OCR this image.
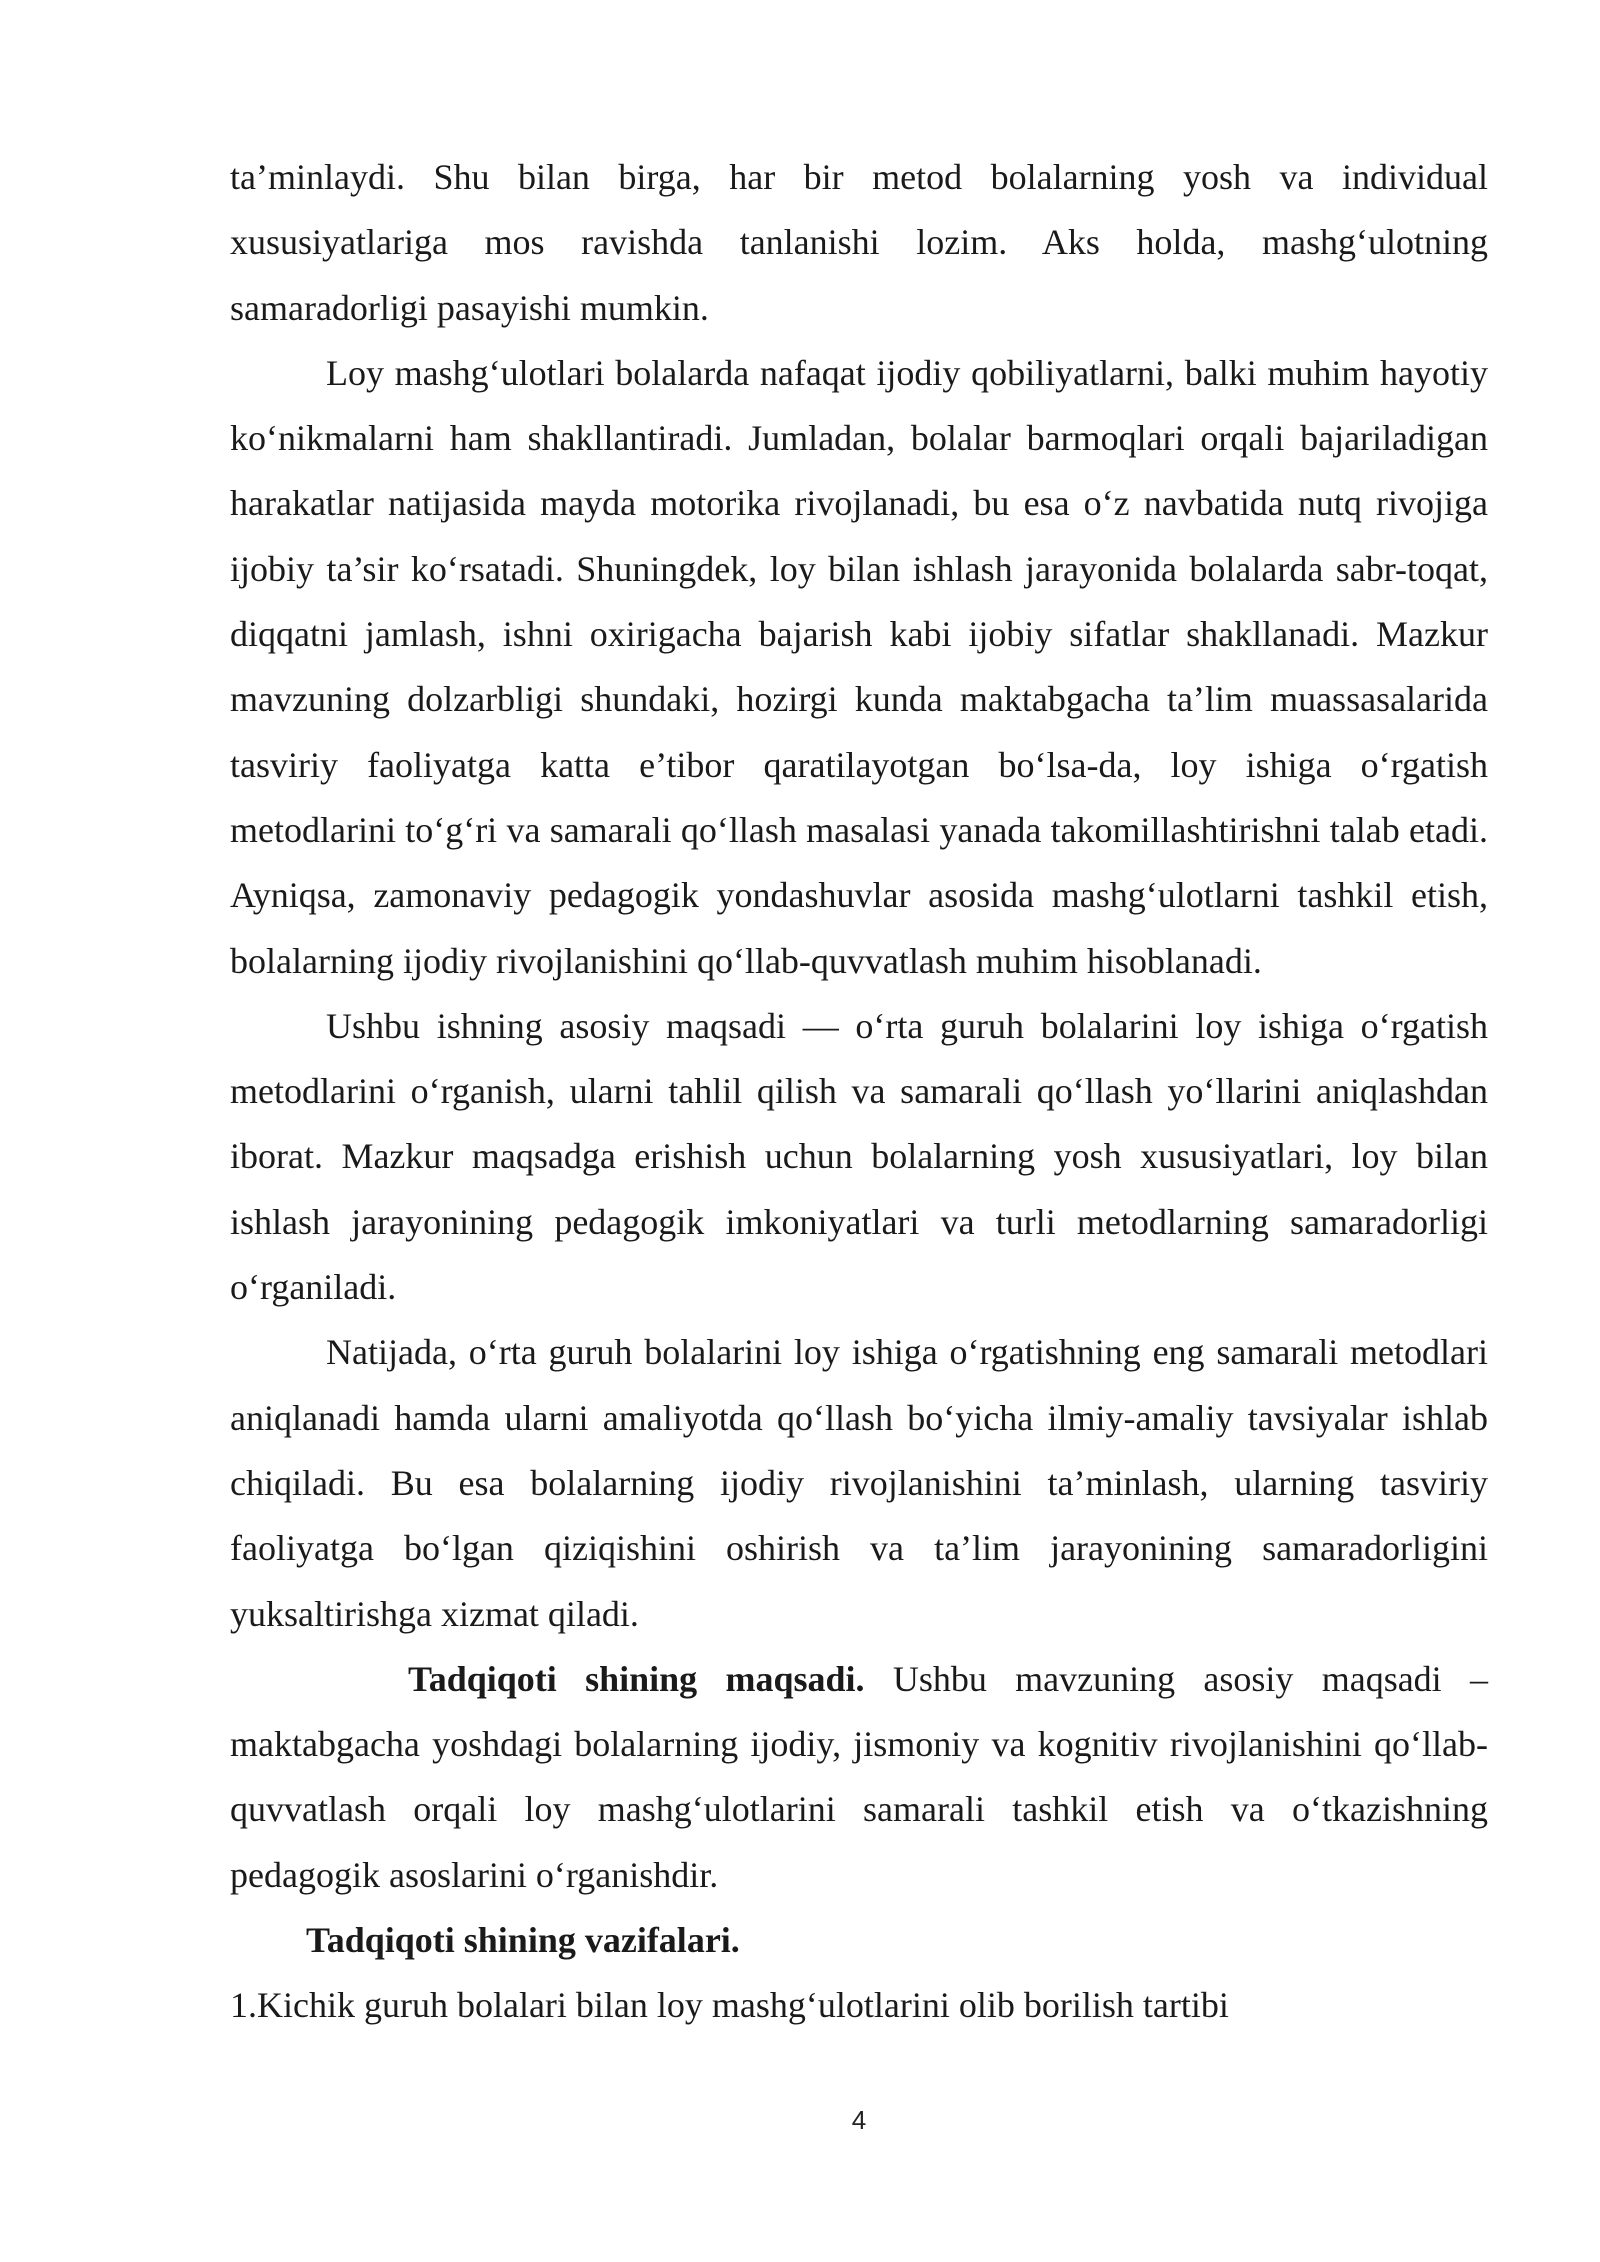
ta’minlaydi. Shu bilan birga, har bir metod bolalarning yosh va individual xususiyatlariga mos ravishda tanlanishi lozim. Aks holda, mashg‘ulotning samaradorligi pasayishi mumkin.

Loy mashg‘ulotlari bolalarda nafaqat ijodiy qobiliyatlarni, balki muhim hayotiy ko‘nikmalarni ham shakllantiradi. Jumladan, bolalar barmoqlari orqali bajariladigan harakatlar natijasida mayda motorika rivojlanadi, bu esa o‘z navbatida nutq rivojiga ijobiy ta’sir ko‘rsatadi. Shuningdek, loy bilan ishlash jarayonida bolalarda sabr-toqat, diqqatni jamlash, ishni oxirigacha bajarish kabi ijobiy sifatlar shakllanadi. Mazkur mavzuning dolzarbligi shundaki, hozirgi kunda maktabgacha ta’lim muassasalarida tasviriy faoliyatga katta e’tibor qaratilayotgan bo‘lsa-da, loy ishiga o‘rgatish metodlarini to‘g‘ri va samarali qo‘llash masalasi yanada takomillashtirishni talab etadi. Ayniqsa, zamonaviy pedagogik yondashuvlar asosida mashg‘ulotlarni tashkil etish, bolalarning ijodiy rivojlanishini qo‘llab-quvvatlash muhim hisoblanadi.

Ushbu ishning asosiy maqsadi — o‘rta guruh bolalarini loy ishiga o‘rgatish metodlarini o‘rganish, ularni tahlil qilish va samarali qo‘llash yo‘llarini aniqlashdan iborat. Mazkur maqsadga erishish uchun bolalarning yosh xususiyatlari, loy bilan ishlash jarayonining pedagogik imkoniyatlari va turli metodlarning samaradorligi o‘rganiladi.

Natijada, o‘rta guruh bolalarini loy ishiga o‘rgatishning eng samarali metodlari aniqlanadi hamda ularni amaliyotda qo‘llash bo‘yicha ilmiy-amaliy tavsiyalar ishlab chiqiladi. Bu esa bolalarning ijodiy rivojlanishini ta’minlash, ularning tasviriy faoliyatga bo‘lgan qiziqishini oshirish va ta’lim jarayonining samaradorligini yuksaltirishga xizmat qiladi.

Tadqiqoti shining maqsadi. Ushbu mavzuning asosiy maqsadi – maktabgacha yoshdagi bolalarning ijodiy, jismoniy va kognitiv rivojlanishini qo‘llab-quvvatlash orqali loy mashg‘ulotlarini samarali tashkil etish va o‘tkazishning pedagogik asoslarini o‘rganishdir.

Tadqiqoti shining vazifalari.

1.Kichik guruh bolalari bilan loy mashg‘ulotlarini olib borilish tartibi

4
